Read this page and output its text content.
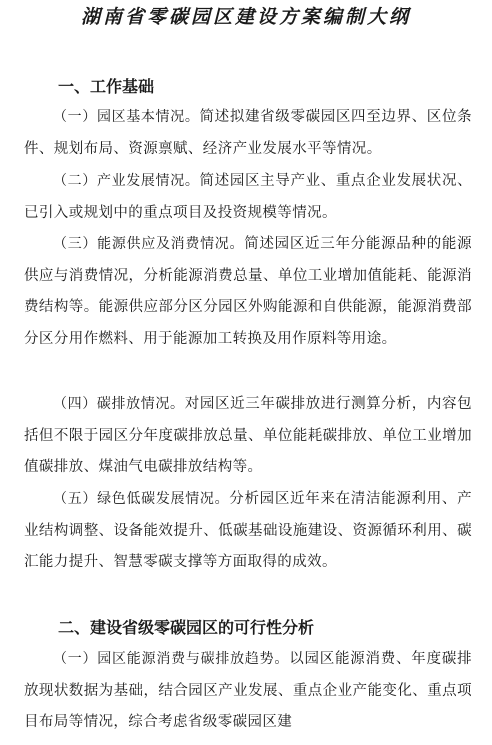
湖南省零碳园区建设方案编制大纲
一、工作基础

（一）园区基本情况。简述拟建省级零碳园区四至边界、区位条件、规划布局、资源禀赋、经济产业发展水平等情况。

（二）产业发展情况。简述园区主导产业、重点企业发展状况、已引入或规划中的重点项目及投资规模等情况。

（三）能源供应及消费情况。简述园区近三年分能源品种的能源供应与消费情况，分析能源消费总量、单位工业增加值能耗、能源消费结构等。能源供应部分区分园区外购能源和自供能源，能源消费部分区分用作燃料、用于能源加工转换及用作原料等用途。

（四）碳排放情况。对园区近三年碳排放进行测算分析，内容包括但不限于园区分年度碳排放总量、单位能耗碳排放、单位工业增加值碳排放、煤油气电碳排放结构等。

（五）绿色低碳发展情况。分析园区近年来在清洁能源利用、产业结构调整、设备能效提升、低碳基础设施建设、资源循环利用、碳汇能力提升、智慧零碳支撑等方面取得的成效。

二、建设省级零碳园区的可行性分析

（一）园区能源消费与碳排放趋势。以园区能源消费、年度碳排放现状数据为基础，结合园区产业发展、重点企业产能变化、重点项目布局等情况，综合考虑省级零碳园区建
